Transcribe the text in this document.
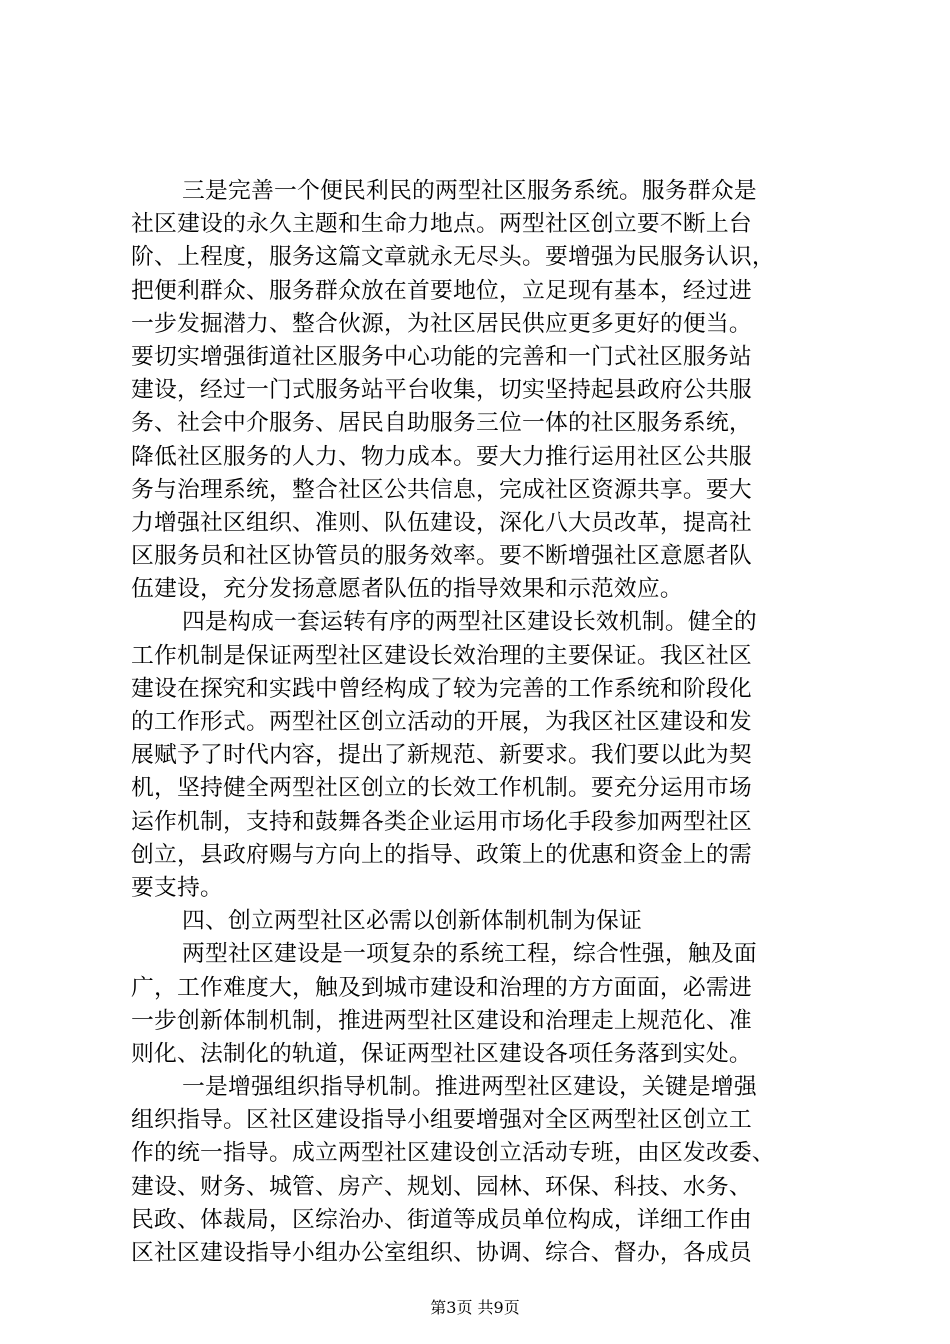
三是完善一个便民利民的两型社区服务系统。服务群众是
社区建设的永久主题和生命力地点。两型社区创立要不断上台
阶、上程度，服务这篇文章就永无尽头。要增强为民服务认识，
把便利群众、服务群众放在首要地位，立足现有基本，经过进
一步发掘潜力、整合伙源，为社区居民供应更多更好的便当。
要切实增强街道社区服务中心功能的完善和一门式社区服务站
建设，经过一门式服务站平台收集，切实坚持起县政府公共服
务、社会中介服务、居民自助服务三位一体的社区服务系统，
降低社区服务的人力、物力成本。要大力推行运用社区公共服
务与治理系统，整合社区公共信息，完成社区资源共享。要大
力增强社区组织、准则、队伍建设，深化八大员改革，提高社
区服务员和社区协管员的服务效率。要不断增强社区意愿者队
伍建设，充分发扬意愿者队伍的指导效果和示范效应。
四是构成一套运转有序的两型社区建设长效机制。健全的
工作机制是保证两型社区建设长效治理的主要保证。我区社区
建设在探究和实践中曾经构成了较为完善的工作系统和阶段化
的工作形式。两型社区创立活动的开展，为我区社区建设和发
展赋予了时代内容，提出了新规范、新要求。我们要以此为契
机，坚持健全两型社区创立的长效工作机制。要充分运用市场
运作机制，支持和鼓舞各类企业运用市场化手段参加两型社区
创立，县政府赐与方向上的指导、政策上的优惠和资金上的需
要支持。
四、创立两型社区必需以创新体制机制为保证
两型社区建设是一项复杂的系统工程，综合性强，触及面
广，工作难度大，触及到城市建设和治理的方方面面，必需进
一步创新体制机制，推进两型社区建设和治理走上规范化、准
则化、法制化的轨道，保证两型社区建设各项任务落到实处。
一是增强组织指导机制。推进两型社区建设，关键是增强
组织指导。区社区建设指导小组要增强对全区两型社区创立工
作的统一指导。成立两型社区建设创立活动专班，由区发改委、
建设、财务、城管、房产、规划、园林、环保、科技、水务、
民政、体裁局，区综治办、街道等成员单位构成，详细工作由
区社区建设指导小组办公室组织、协调、综合、督办，各成员
第3页 共9页
